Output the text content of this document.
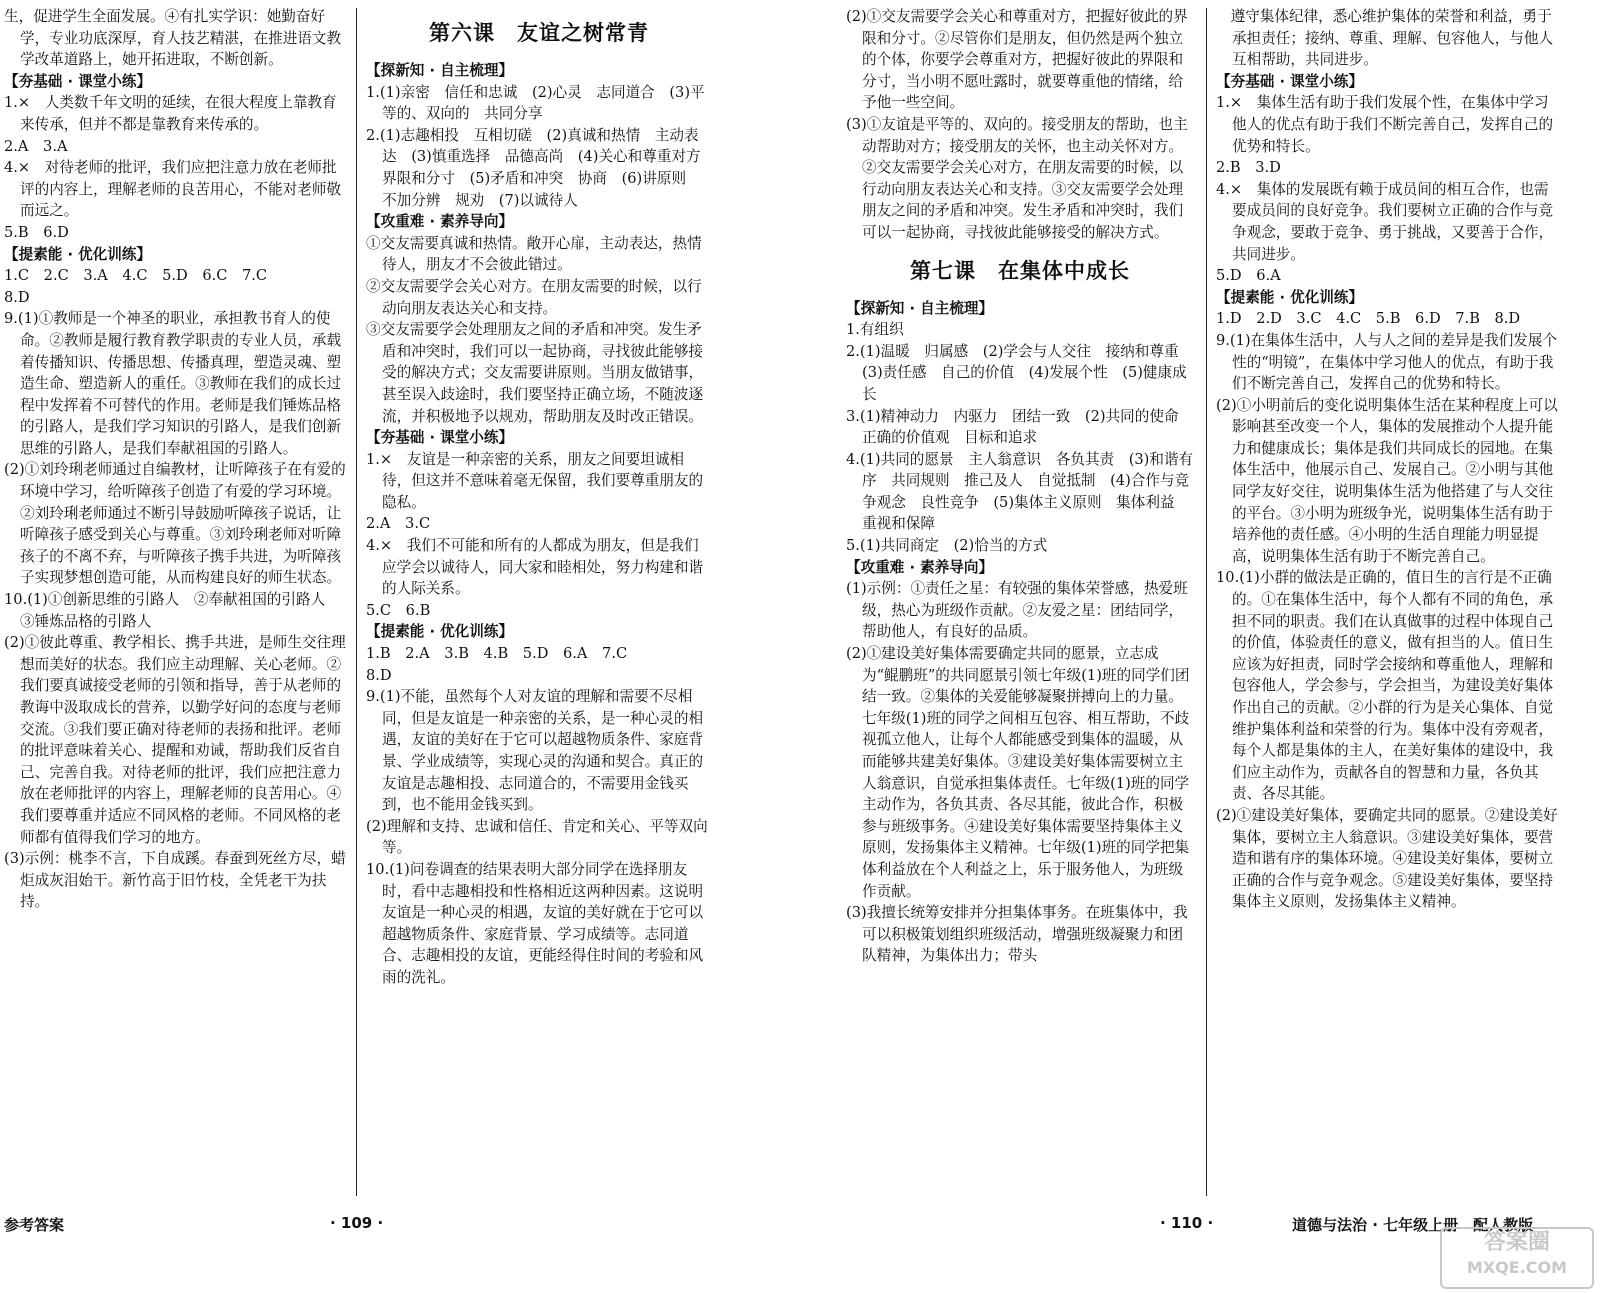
生，促进学生全面发展。④有扎实学识：她勤奋好学，专业功底深厚，育人技艺精湛，在推进语文教学改革道路上，她开拓进取，不断创新。

【夯基础 · 课堂小练】

1.×　人类数千年文明的延续，在很大程度上靠教育来传承，但并不都是靠教育来传承的。

2.A　3.A

4.×　对待老师的批评，我们应把注意力放在老师批评的内容上，理解老师的良苦用心，不能对老师敬而远之。

5.B　6.D

【提素能 · 优化训练】

1.C　2.C　3.A　4.C　5.D　6.C　7.C

8.D

9.(1)①教师是一个神圣的职业，承担教书育人的使命。②教师是履行教育教学职责的专业人员，承载着传播知识、传播思想、传播真理，塑造灵魂、塑造生命、塑造新人的重任。③教师在我们的成长过程中发挥着不可替代的作用。老师是我们锤炼品格的引路人，是我们学习知识的引路人，是我们创新思维的引路人，是我们奉献祖国的引路人。

(2)①刘玲琍老师通过自编教材，让听障孩子在有爱的环境中学习，给听障孩子创造了有爱的学习环境。②刘玲琍老师通过不断引导鼓励听障孩子说话，让听障孩子感受到关心与尊重。③刘玲琍老师对听障孩子的不离不弃，与听障孩子携手共进，为听障孩子实现梦想创造可能，从而构建良好的师生状态。

10.(1)①创新思维的引路人　②奉献祖国的引路人　③锤炼品格的引路人

(2)①彼此尊重、教学相长、携手共进，是师生交往理想而美好的状态。我们应主动理解、关心老师。②我们要真诚接受老师的引领和指导，善于从老师的教诲中汲取成长的营养，以勤学好问的态度与老师交流。③我们要正确对待老师的表扬和批评。老师的批评意味着关心、提醒和劝诫，帮助我们反省自己、完善自我。对待老师的批评，我们应把注意力放在老师批评的内容上，理解老师的良苦用心。④我们要尊重并适应不同风格的老师。不同风格的老师都有值得我们学习的地方。

(3)示例：桃李不言，下自成蹊。春蚕到死丝方尽，蜡炬成灰泪始干。新竹高于旧竹枝，全凭老干为扶持。

第六课　友谊之树常青

【探新知 · 自主梳理】

1.(1)亲密　信任和忠诚　(2)心灵　志同道合　(3)平等的、双向的　共同分享

2.(1)志趣相投　互相切磋　(2)真诚和热情　主动表达　(3)慎重选择　品德高尚　(4)关心和尊重对方　界限和分寸　(5)矛盾和冲突　协商　(6)讲原则　不加分辨　规劝　(7)以诚待人

【攻重难 · 素养导向】

①交友需要真诚和热情。敞开心扉，主动表达，热情待人，朋友才不会彼此错过。

②交友需要学会关心对方。在朋友需要的时候，以行动向朋友表达关心和支持。

③交友需要学会处理朋友之间的矛盾和冲突。发生矛盾和冲突时，我们可以一起协商，寻找彼此能够接受的解决方式；交友需要讲原则。当朋友做错事，甚至误入歧途时，我们要坚持正确立场，不随波逐流，并积极地予以规劝，帮助朋友及时改正错误。

【夯基础 · 课堂小练】

1.×　友谊是一种亲密的关系，朋友之间要坦诚相待，但这并不意味着毫无保留，我们要尊重朋友的隐私。

2.A　3.C

4.×　我们不可能和所有的人都成为朋友，但是我们应学会以诚待人，同大家和睦相处，努力构建和谐的人际关系。

5.C　6.B

【提素能 · 优化训练】

1.B　2.A　3.B　4.B　5.D　6.A　7.C

8.D

9.(1)不能，虽然每个人对友谊的理解和需要不尽相同，但是友谊是一种亲密的关系，是一种心灵的相遇，友谊的美好在于它可以超越物质条件、家庭背景、学业成绩等，实现心灵的沟通和契合。真正的友谊是志趣相投、志同道合的，不需要用金钱买到，也不能用金钱买到。

(2)理解和支持、忠诚和信任、肯定和关心、平等双向等。

10.(1)问卷调查的结果表明大部分同学在选择朋友时，看中志趣相投和性格相近这两种因素。这说明友谊是一种心灵的相遇，友谊的美好就在于它可以超越物质条件、家庭背景、学习成绩等。志同道合、志趣相投的友谊，更能经得住时间的考验和风雨的洗礼。

(2)①交友需要学会关心和尊重对方，把握好彼此的界限和分寸。②尽管你们是朋友，但仍然是两个独立的个体，你要学会尊重对方，把握好彼此的界限和分寸，当小明不愿吐露时，就要尊重他的情绪，给予他一些空间。

(3)①友谊是平等的、双向的。接受朋友的帮助，也主动帮助对方；接受朋友的关怀，也主动关怀对方。②交友需要学会关心对方，在朋友需要的时候，以行动向朋友表达关心和支持。③交友需要学会处理朋友之间的矛盾和冲突。发生矛盾和冲突时，我们可以一起协商，寻找彼此能够接受的解决方式。

第七课　在集体中成长

【探新知 · 自主梳理】

1.有组织

2.(1)温暖　归属感　(2)学会与人交往　接纳和尊重　(3)责任感　自己的价值　(4)发展个性　(5)健康成长

3.(1)精神动力　内驱力　团结一致　(2)共同的使命　正确的价值观　目标和追求

4.(1)共同的愿景　主人翁意识　各负其责　(3)和谐有序　共同规则　推己及人　自觉抵制　(4)合作与竞争观念　良性竞争　(5)集体主义原则　集体利益　重视和保障

5.(1)共同商定　(2)恰当的方式

【攻重难 · 素养导向】

(1)示例：①责任之星：有较强的集体荣誉感，热爱班级，热心为班级作贡献。②友爱之星：团结同学，帮助他人，有良好的品质。

(2)①建设美好集体需要确定共同的愿景，立志成为“鲲鹏班”的共同愿景引领七年级(1)班的同学们团结一致。②集体的关爱能够凝聚拼搏向上的力量。七年级(1)班的同学之间相互包容、相互帮助，不歧视孤立他人，让每个人都能感受到集体的温暖，从而能够共建美好集体。③建设美好集体需要树立主人翁意识，自觉承担集体责任。七年级(1)班的同学主动作为，各负其责、各尽其能，彼此合作，积极参与班级事务。④建设美好集体需要坚持集体主义原则，发扬集体主义精神。七年级(1)班的同学把集体利益放在个人利益之上，乐于服务他人，为班级作贡献。

(3)我擅长统筹安排并分担集体事务。在班集体中，我可以积极策划组织班级活动，增强班级凝聚力和团队精神，为集体出力；带头

　遵守集体纪律，悉心维护集体的荣誉和利益，勇于承担责任；接纳、尊重、理解、包容他人，与他人互相帮助，共同进步。

【夯基础 · 课堂小练】

1.×　集体生活有助于我们发展个性，在集体中学习他人的优点有助于我们不断完善自己，发挥自己的优势和特长。

2.B　3.D

4.×　集体的发展既有赖于成员间的相互合作，也需要成员间的良好竞争。我们要树立正确的合作与竞争观念，要敢于竞争、勇于挑战，又要善于合作，共同进步。

5.D　6.A

【提素能 · 优化训练】

1.D　2.D　3.C　4.C　5.B　6.D　7.B　8.D

9.(1)在集体生活中，人与人之间的差异是我们发展个性的“明镜”，在集体中学习他人的优点，有助于我们不断完善自己，发挥自己的优势和特长。

(2)①小明前后的变化说明集体生活在某种程度上可以影响甚至改变一个人，集体的发展推动个人提升能力和健康成长；集体是我们共同成长的园地。在集体生活中，他展示自己、发展自己。②小明与其他同学友好交往，说明集体生活为他搭建了与人交往的平台。③小明为班级争光，说明集体生活有助于培养他的责任感。④小明的生活自理能力明显提高，说明集体生活有助于不断完善自己。

10.(1)小群的做法是正确的，值日生的言行是不正确的。①在集体生活中，每个人都有不同的角色，承担不同的职责。我们在认真做事的过程中体现自己的价值，体验责任的意义，做有担当的人。值日生应该为好担责，同时学会接纳和尊重他人，理解和包容他人，学会参与，学会担当，为建设美好集体作出自己的贡献。②小群的行为是关心集体、自觉维护集体利益和荣誉的行为。集体中没有旁观者，每个人都是集体的主人，在美好集体的建设中，我们应主动作为，贡献各自的智慧和力量，各负其责、各尽其能。

(2)①建设美好集体，要确定共同的愿景。②建设美好集体，要树立主人翁意识。③建设美好集体，要营造和谐有序的集体环境。④建设美好集体，要树立正确的合作与竞争观念。⑤建设美好集体，要坚持集体主义原则，发扬集体主义精神。

参考答案	· 109 ·	· 110 ·	道德与法治 · 七年级上册　配人教版
答案圈
MXQE.COM
